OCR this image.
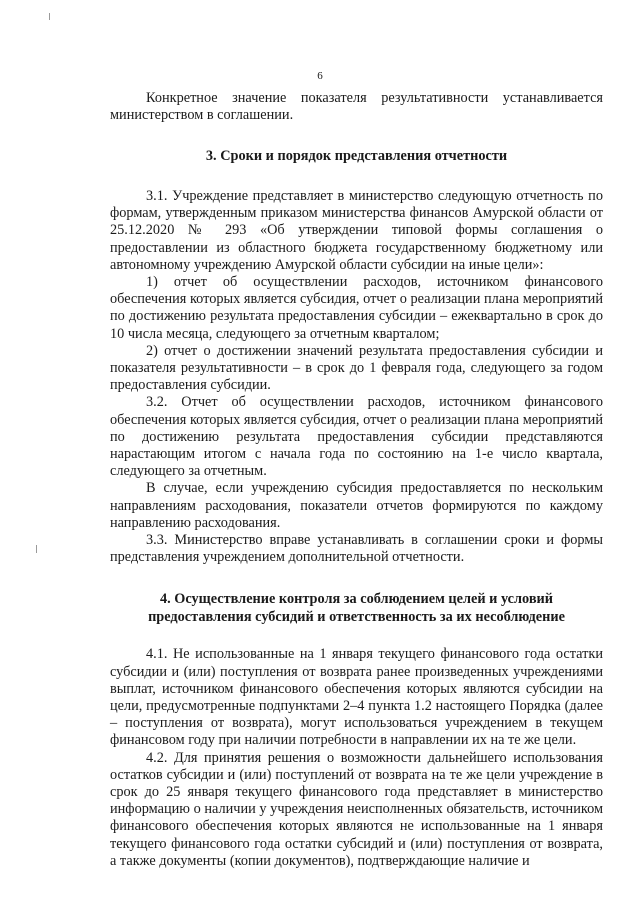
6

Конкретное значение показателя результативности устанавливается министерством в соглашении.

3. Сроки и порядок представления отчетности

3.1. Учреждение представляет в министерство следующую отчетность по формам, утвержденным приказом министерства финансов Амурской области от 25.12.2020 № 293 «Об утверждении типовой формы соглашения о предоставлении из областного бюджета государственному бюджетному или автономному учреждению Амурской области субсидии на иные цели»:

1) отчет об осуществлении расходов, источником финансового обеспечения которых является субсидия, отчет о реализации плана мероприятий по достижению результата предоставления субсидии – ежеквартально в срок до 10 числа месяца, следующего за отчетным кварталом;

2) отчет о достижении значений результата предоставления субсидии и показателя результативности – в срок до 1 февраля года, следующего за годом предоставления субсидии.

3.2. Отчет об осуществлении расходов, источником финансового обеспечения которых является субсидия, отчет о реализации плана мероприятий по достижению результата предоставления субсидии представляются нарастающим итогом с начала года по состоянию на 1-е число квартала, следующего за отчетным.

В случае, если учреждению субсидия предоставляется по нескольким направлениям расходования, показатели отчетов формируются по каждому направлению расходования.

3.3. Министерство вправе устанавливать в соглашении сроки и формы представления учреждением дополнительной отчетности.

4. Осуществление контроля за соблюдением целей и условий
предоставления субсидий и ответственность за их несоблюдение

4.1. Не использованные на 1 января текущего финансового года остатки субсидии и (или) поступления от возврата ранее произведенных учреждениями выплат, источником финансового обеспечения которых являются субсидии на цели, предусмотренные подпунктами 2–4 пункта 1.2 настоящего Порядка (далее – поступления от возврата), могут использоваться учреждением в текущем финансовом году при наличии потребности в направлении их на те же цели.

4.2. Для принятия решения о возможности дальнейшего использования остатков субсидии и (или) поступлений от возврата на те же цели учреждение в срок до 25 января текущего финансового года представляет в министерство информацию о наличии у учреждения неисполненных обязательств, источником финансового обеспечения которых являются не использованные на 1 января текущего финансового года остатки субсидий и (или) поступления от возврата, а также документы (копии документов), подтверждающие наличие и
